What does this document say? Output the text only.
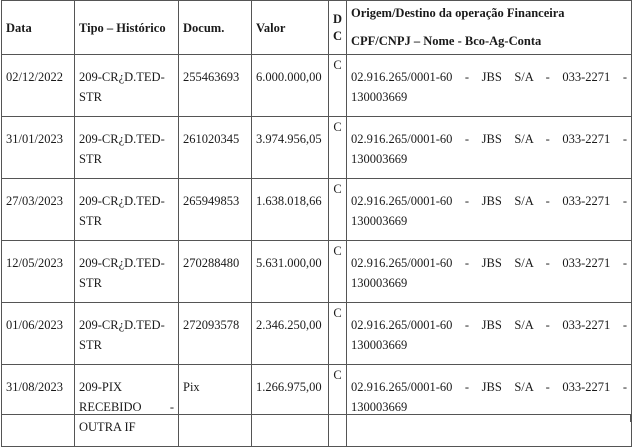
Data	Tipo – Histórico	Docum.	Valor	D
C	Origem/Destino da operação Financeira
CPF/CNPJ – Nome - Bco-Ag-Conta

02/12/2022	209-CR¿D.TED-
STR	255463693	6.000.000,00	C	02.916.265/0001-60 - JBS S/A - 033-2271 -
130003669
31/01/2023	209-CR¿D.TED-
STR	261020345	3.974.956,05	C	02.916.265/0001-60 - JBS S/A - 033-2271 -
130003669
27/03/2023	209-CR¿D.TED-
STR	265949853	1.638.018,66	C	02.916.265/0001-60 - JBS S/A - 033-2271 -
130003669
12/05/2023	209-CR¿D.TED-
STR	270288480	5.631.000,00	C	02.916.265/0001-60 - JBS S/A - 033-2271 -
130003669
01/06/2023	209-CR¿D.TED-
STR	272093578	2.346.250,00	C	02.916.265/0001-60 - JBS S/A - 033-2271 -
130003669
31/08/2023	209-PIX

RECEBIDO -
OUTRA IF	Pix	1.266.975,00	C	02.916.265/0001-60 - JBS S/A - 033-2271 -
130003669
